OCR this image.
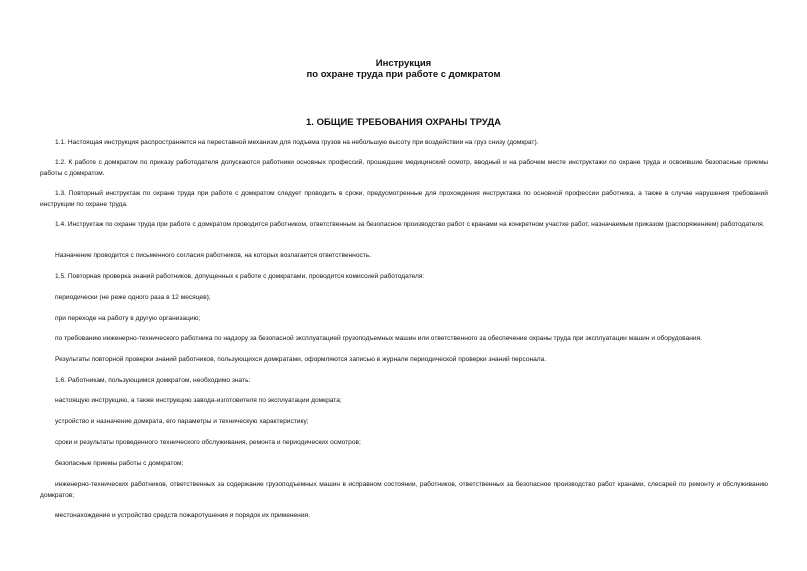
Инструкция
по охране труда при работе с домкратом
1. ОБЩИЕ ТРЕБОВАНИЯ ОХРАНЫ ТРУДА

1.1. Настоящая инструкция распространяется на переставной механизм для подъема грузов на небольшую высоту при воздействии на груз снизу (домкрат).

1.2. К работе с домкратом по приказу работодателя допускаются работники основных профессий, прошедшие медицинский осмотр, вводный и на рабочем месте инструктажи по охране труда и освоившие безопасные приемы работы с домкратом.

1.3. Повторный инструктаж по охране труда при работе с домкратом следует проводить в сроки, предусмотренные для прохождения инструктажа по основной профессии работника, а также в случае нарушения требований инструкции по охране труда.

1.4. Инструктаж по охране труда при работе с домкратом проводится работником, ответственным за безопасное производство работ с кранами на конкретном участке работ, назначаемым приказом (распоряжением) работодателя.

Назначение проводится с письменного согласия работников, на которых возлагается ответственность.

1.5. Повторная проверка знаний работников, допущенных к работе с домкратами, проводится комиссией работодателя:

периодически (не реже одного раза в 12 месяцев);

при переходе на работу в другую организацию;

по требованию инженерно-технического работника по надзору за безопасной эксплуатацией грузоподъемных машин или ответственного за обеспечение охраны труда при эксплуатации машин и оборудования.

Результаты повторной проверки знаний работников, пользующихся домкратами, оформляются записью в журнале периодической проверки знаний персонала.

1.6. Работникам, пользующимся домкратом, необходимо знать:

настоящую инструкцию, а также инструкцию завода-изготовителя по эксплуатации домкрата;

устройство и назначение домкрата, его параметры и техническую характеристику;

сроки и результаты проведенного технического обслуживания, ремонта и периодических осмотров;

безопасные приемы работы с домкратом;

инженерно-технических работников, ответственных за содержание грузоподъемных машин в исправном состоянии, работников, ответственных за безопасное производство работ кранами, слесарей по ремонту и обслуживанию домкратов;

местонахождение и устройство средств пожаротушения и порядок их применения.
